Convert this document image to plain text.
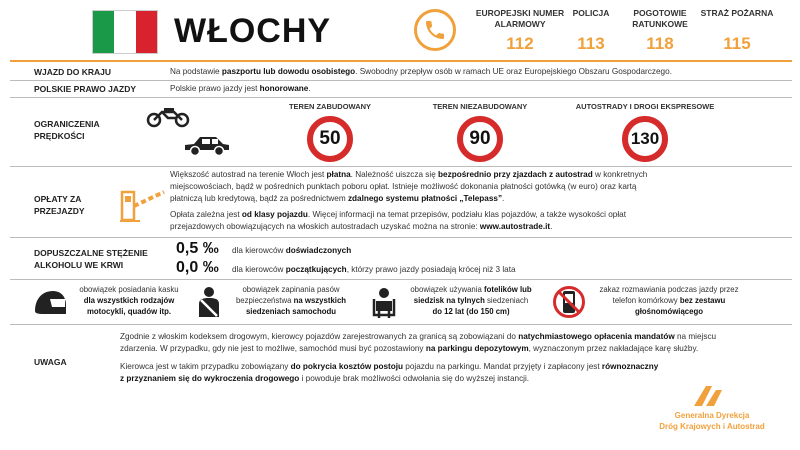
WŁOCHY	EUROPEJSKI NUMER ALARMOWY
112
POLICJA
113
POGOTOWIE RATUNKOWE
118
STRAŻ POŻARNA
115
WJAZD DO KRAJU	Na podstawie paszportu lub dowodu osobistego. Swobodny przepływ osób w ramach UE oraz Europejskiego Obszaru Gospodarczego.
POLSKIE PRAWO JAZDY	Polskie prawo jazdy jest honorowane.
OGRANICZENIA
PRĘDKOŚCI
TEREN ZABUDOWANY
50
TEREN NIEZABUDOWANY
90
AUTOSTRADY I DROGI EKSPRESOWE
130
OPŁATY ZA
PRZEJAZDY
Większość autostrad na terenie Włoch jest płatna. Należność uiszcza się bezpośrednio przy zjazdach z autostrad w konkretnych
miejscowościach, bądź w pośrednich punktach poboru opłat. Istnieje możliwość dokonania płatności gotówką (w euro) oraz kartą
płatniczą lub kredytową, bądź za pośrednictwem zdalnego systemu płatności „Telepass”.
Opłata zależna jest od klasy pojazdu. Więcej informacji na temat przepisów, podziału klas pojazdów, a także wysokości opłat
przejazdowych obowiązujących na włoskich autostradach uzyskać można na stronie: www.autostrade.it.
DOPUSZCZALNE STĘŻENIE
ALKOHOLU WE KRWI
0,5 ‰ dla kierowców doświadczonych
0,0 ‰ dla kierowców początkujących, którzy prawo jazdy posiadają krócej niż 3 lata
obowiązek posiadania kasku
dla wszystkich rodzajów
motocykli, quadów itp.
obowiązek zapinania pasów
bezpieczeństwa na wszystkich
siedzeniach samochodu
obowiązek używania fotelików lub
siedzisk na tylnych siedzeniach
do 12 lat (do 150 cm)
zakaz rozmawiania podczas jazdy przez
telefon komórkowy bez zestawu
głośnomówiącego
UWAGA
Zgodnie z włoskim kodeksem drogowym, kierowcy pojazdów zarejestrowanych za granicą są zobowiązani do natychmiastowego opłacenia mandatów na miejscu
zdarzenia. W przypadku, gdy nie jest to możliwe, samochód musi być pozostawiony na parkingu depozytowym, wyznaczonym przez nakładające karę służby.
Kierowca jest w takim przypadku zobowiązany do pokrycia kosztów postoju pojazdu na parkingu. Mandat przyjęty i zapłacony jest równoznaczny
z przyznaniem się do wykroczenia drogowego i powoduje brak możliwości odwołania się do wyższej instancji.
Generalna Dyrekcja
Dróg Krajowych i Autostrad
